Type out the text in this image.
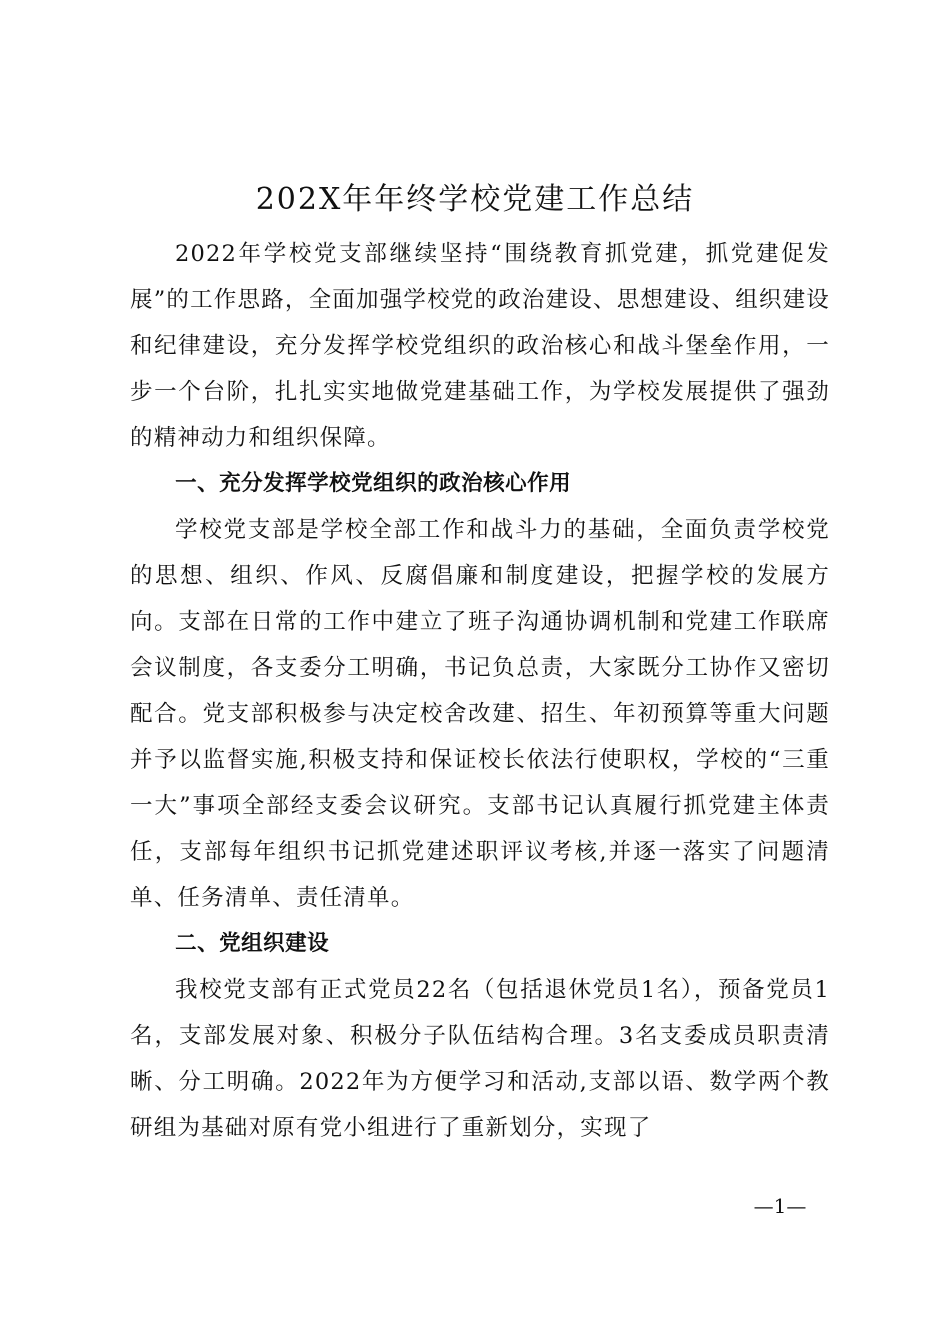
202X年年终学校党建工作总结

2022年学校党支部继续坚持“围绕教育抓党建，抓党建促发展”的工作思路，全面加强学校党的政治建设、思想建设、组织建设和纪律建设，充分发挥学校党组织的政治核心和战斗堡垒作用，一步一个台阶，扎扎实实地做党建基础工作，为学校发展提供了强劲的精神动力和组织保障。

一、充分发挥学校党组织的政治核心作用

学校党支部是学校全部工作和战斗力的基础，全面负责学校党的思想、组织、作风、反腐倡廉和制度建设，把握学校的发展方向。支部在日常的工作中建立了班子沟通协调机制和党建工作联席会议制度，各支委分工明确，书记负总责，大家既分工协作又密切配合。党支部积极参与决定校舍改建、招生、年初预算等重大问题并予以监督实施,积极支持和保证校长依法行使职权，学校的“三重一大”事项全部经支委会议研究。支部书记认真履行抓党建主体责任，支部每年组织书记抓党建述职评议考核,并逐一落实了问题清单、任务清单、责任清单。

二、党组织建设

我校党支部有正式党员22名（包括退休党员1名），预备党员1名，支部发展对象、积极分子队伍结构合理。3名支委成员职责清晰、分工明确。2022年为方便学习和活动,支部以语、数学两个教研组为基础对原有党小组进行了重新划分，实现了

—1—
